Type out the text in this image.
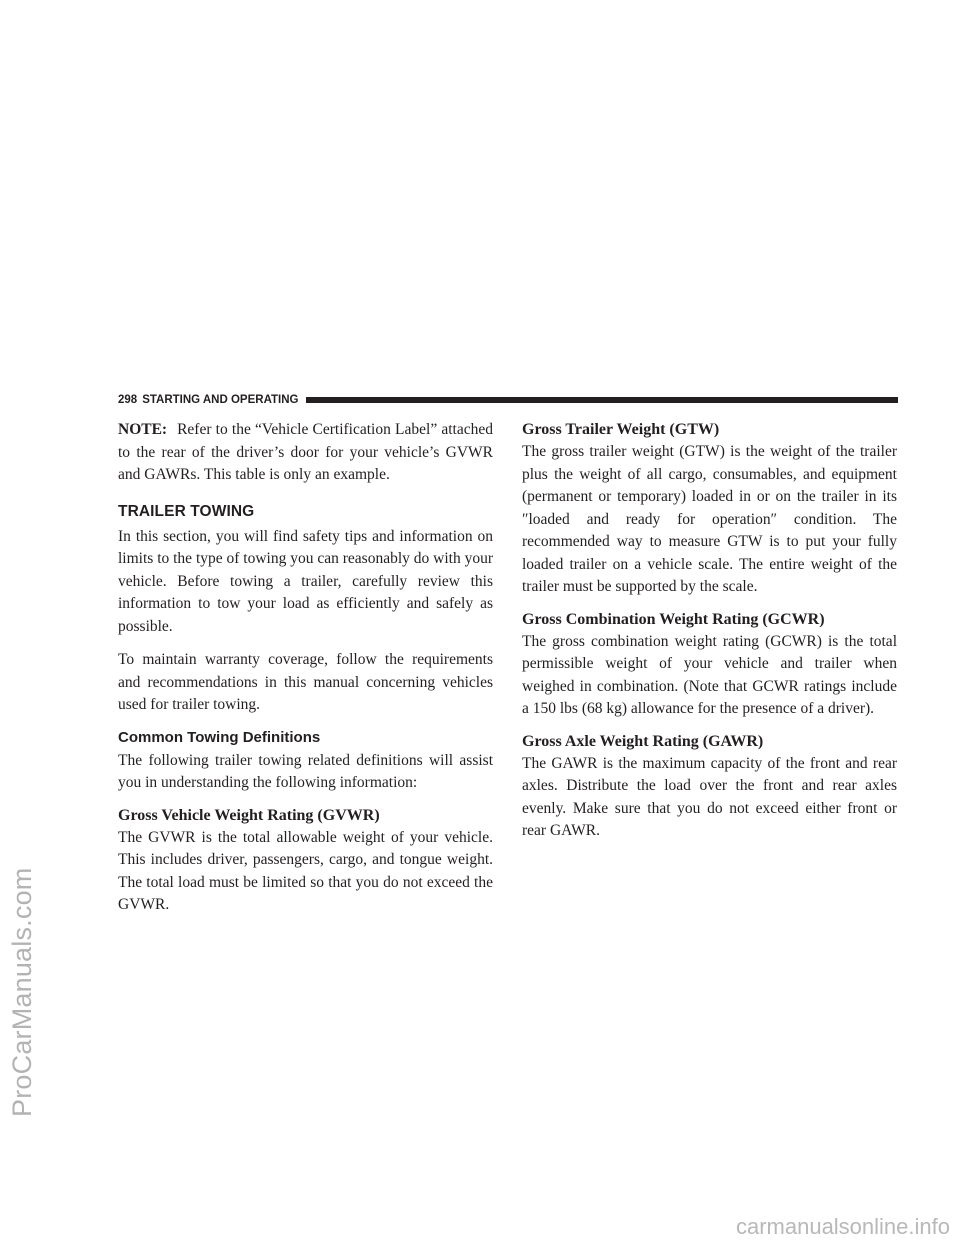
ProCarManuals.com
298 STARTING AND OPERATING

NOTE: Refer to the “Vehicle Certification Label” attached to the rear of the driver’s door for your vehicle’s GVWR and GAWRs. This table is only an example.

TRAILER TOWING

In this section, you will find safety tips and information on limits to the type of towing you can reasonably do with your vehicle. Before towing a trailer, carefully review this information to tow your load as efficiently and safely as possible.

To maintain warranty coverage, follow the requirements and recommendations in this manual concerning vehicles used for trailer towing.

Common Towing Definitions

The following trailer towing related definitions will assist you in understanding the following information:

Gross Vehicle Weight Rating (GVWR)

The GVWR is the total allowable weight of your vehicle. This includes driver, passengers, cargo, and tongue weight. The total load must be limited so that you do not exceed the GVWR.

Gross Trailer Weight (GTW)

The gross trailer weight (GTW) is the weight of the trailer plus the weight of all cargo, consumables, and equipment (permanent or temporary) loaded in or on the trailer in its ″loaded and ready for operation″ condition. The recommended way to measure GTW is to put your fully loaded trailer on a vehicle scale. The entire weight of the trailer must be supported by the scale.

Gross Combination Weight Rating (GCWR)

The gross combination weight rating (GCWR) is the total permissible weight of your vehicle and trailer when weighed in combination. (Note that GCWR ratings include a 150 lbs (68 kg) allowance for the presence of a driver).

Gross Axle Weight Rating (GAWR)

The GAWR is the maximum capacity of the front and rear axles. Distribute the load over the front and rear axles evenly. Make sure that you do not exceed either front or rear GAWR.

carmanualsonline.info
